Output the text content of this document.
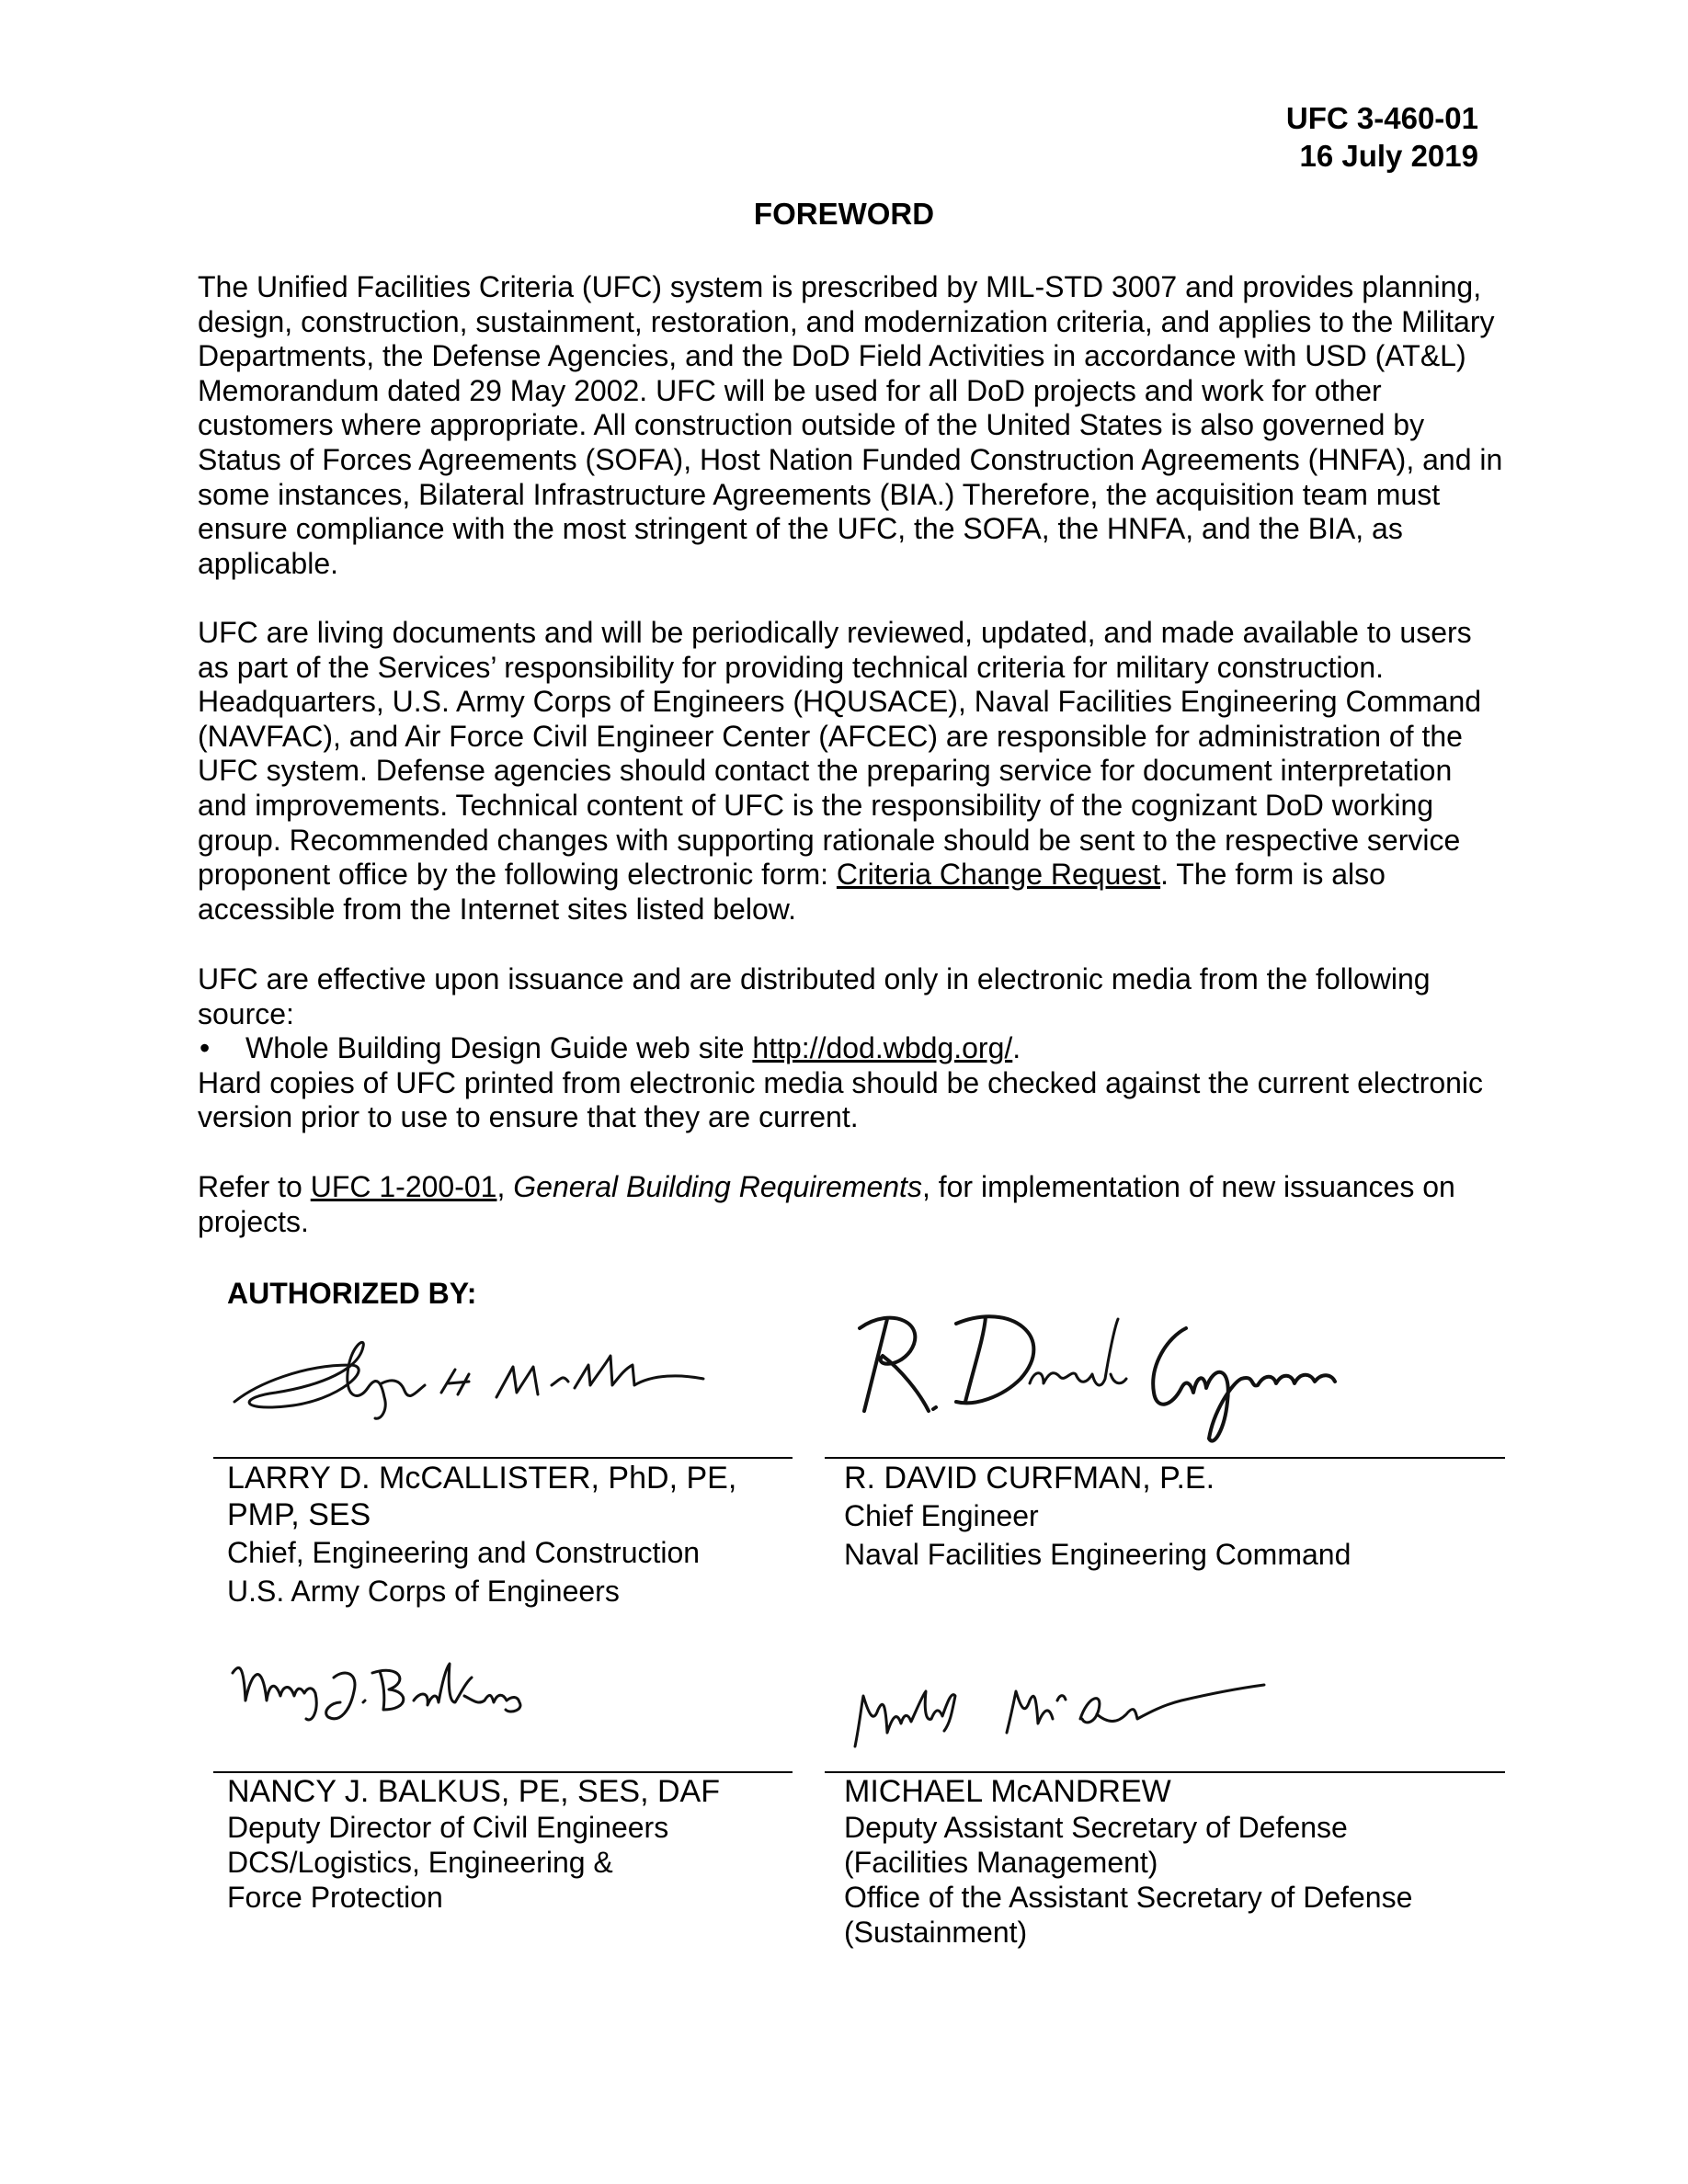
UFC 3-460-01
16 July 2019
FOREWORD
The Unified Facilities Criteria (UFC) system is prescribed by MIL-STD 3007 and provides planning, design, construction, sustainment, restoration, and modernization criteria, and applies to the Military Departments, the Defense Agencies, and the DoD Field Activities in accordance with USD (AT&L) Memorandum dated 29 May 2002. UFC will be used for all DoD projects and work for other customers where appropriate. All construction outside of the United States is also governed by Status of Forces Agreements (SOFA), Host Nation Funded Construction Agreements (HNFA), and in some instances, Bilateral Infrastructure Agreements (BIA.) Therefore, the acquisition team must ensure compliance with the most stringent of the UFC, the SOFA, the HNFA, and the BIA, as applicable.
UFC are living documents and will be periodically reviewed, updated, and made available to users as part of the Services’ responsibility for providing technical criteria for military construction. Headquarters, U.S. Army Corps of Engineers (HQUSACE), Naval Facilities Engineering Command (NAVFAC), and Air Force Civil Engineer Center (AFCEC) are responsible for administration of the UFC system. Defense agencies should contact the preparing service for document interpretation and improvements. Technical content of UFC is the responsibility of the cognizant DoD working group. Recommended changes with supporting rationale should be sent to the respective service proponent office by the following electronic form: Criteria Change Request. The form is also accessible from the Internet sites listed below.
UFC are effective upon issuance and are distributed only in electronic media from the following source:
• Whole Building Design Guide web site http://dod.wbdg.org/.
Hard copies of UFC printed from electronic media should be checked against the current electronic version prior to use to ensure that they are current.
Refer to UFC 1-200-01, General Building Requirements, for implementation of new issuances on projects.
AUTHORIZED BY:
LARRY D. McCALLISTER, PhD, PE,
PMP, SES
Chief, Engineering and Construction
U.S. Army Corps of Engineers
R. DAVID CURFMAN, P.E.
Chief Engineer
Naval Facilities Engineering Command
NANCY J. BALKUS, PE, SES, DAF
Deputy Director of Civil Engineers
DCS/Logistics, Engineering &
Force Protection
MICHAEL McANDREW
Deputy Assistant Secretary of Defense
(Facilities Management)
Office of the Assistant Secretary of Defense
(Sustainment)
